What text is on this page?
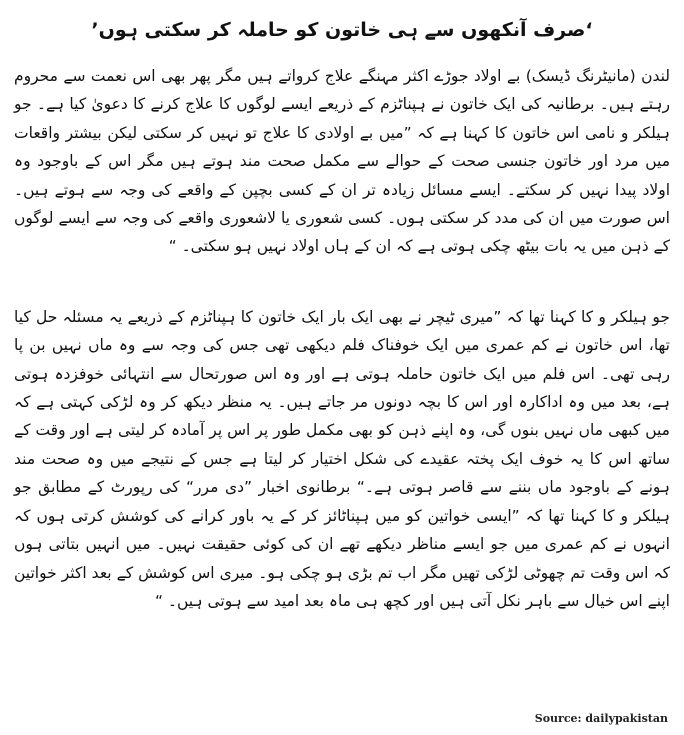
‘صرف آنکھوں سے ہی خاتون کو حاملہ کر سکتی ہوں’

لندن (مانیٹرنگ ڈیسک) بے اولاد جوڑے اکثر مہنگے علاج کرواتے ہیں مگر پھر بھی اس نعمت سے محروم رہتے ہیں۔ برطانیہ کی ایک خاتون نے ہپناٹزم کے ذریعے ایسے لوگوں کا علاج کرنے کا دعویٰ کیا ہے۔ جو ہیلکر و نامی اس خاتون کا کہنا ہے کہ ”میں بے اولادی کا علاج تو نہیں کر سکتی لیکن بیشتر واقعات میں مرد اور خاتون جنسی صحت کے حوالے سے مکمل صحت مند ہوتے ہیں مگر اس کے باوجود وہ اولاد پیدا نہیں کر سکتے۔ ایسے مسائل زیادہ تر ان کے کسی بچپن کے واقعے کی وجہ سے ہوتے ہیں۔ اس صورت میں ان کی مدد کر سکتی ہوں۔ کسی شعوری یا لاشعوری واقعے کی وجہ سے ایسے لوگوں کے ذہن میں یہ بات بیٹھ چکی ہوتی ہے کہ ان کے ہاں اولاد نہیں ہو سکتی۔ “

جو ہیلکر و کا کہنا تھا کہ ”میری ٹیچر نے بھی ایک بار ایک خاتون کا ہپناٹزم کے ذریعے یہ مسئلہ حل کیا تھا، اس خاتون نے کم عمری میں ایک خوفناک فلم دیکھی تھی جس کی وجہ سے وہ ماں نہیں بن پا رہی تھی۔ اس فلم میں ایک خاتون حاملہ ہوتی ہے اور وہ اس صورتحال سے انتہائی خوفزدہ ہوتی ہے، بعد میں وہ اداکارہ اور اس کا بچہ دونوں مر جاتے ہیں۔ یہ منظر دیکھ کر وہ لڑکی کہتی ہے کہ میں کبھی ماں نہیں بنوں گی، وہ اپنے ذہن کو بھی مکمل طور پر اس پر آمادہ کر لیتی ہے اور وقت کے ساتھ اس کا یہ خوف ایک پختہ عقیدے کی شکل اختیار کر لیتا ہے جس کے نتیجے میں وہ صحت مند ہونے کے باوجود ماں بننے سے قاصر ہوتی ہے۔“ برطانوی اخبار ”دی مرر“ کی رپورٹ کے مطابق جو ہیلکر و کا کہنا تھا کہ ”ایسی خواتین کو میں ہپناٹائز کر کے یہ باور کرانے کی کوشش کرتی ہوں کہ انہوں نے کم عمری میں جو ایسے مناظر دیکھے تھے ان کی کوئی حقیقت نہیں۔ میں انہیں بتاتی ہوں کہ اس وقت تم چھوٹی لڑکی تھیں مگر اب تم بڑی ہو چکی ہو۔ میری اس کوشش کے بعد اکثر خواتین اپنے اس خیال سے باہر نکل آتی ہیں اور کچھ ہی ماہ بعد امید سے ہوتی ہیں۔ “

Source: dailypakistan
